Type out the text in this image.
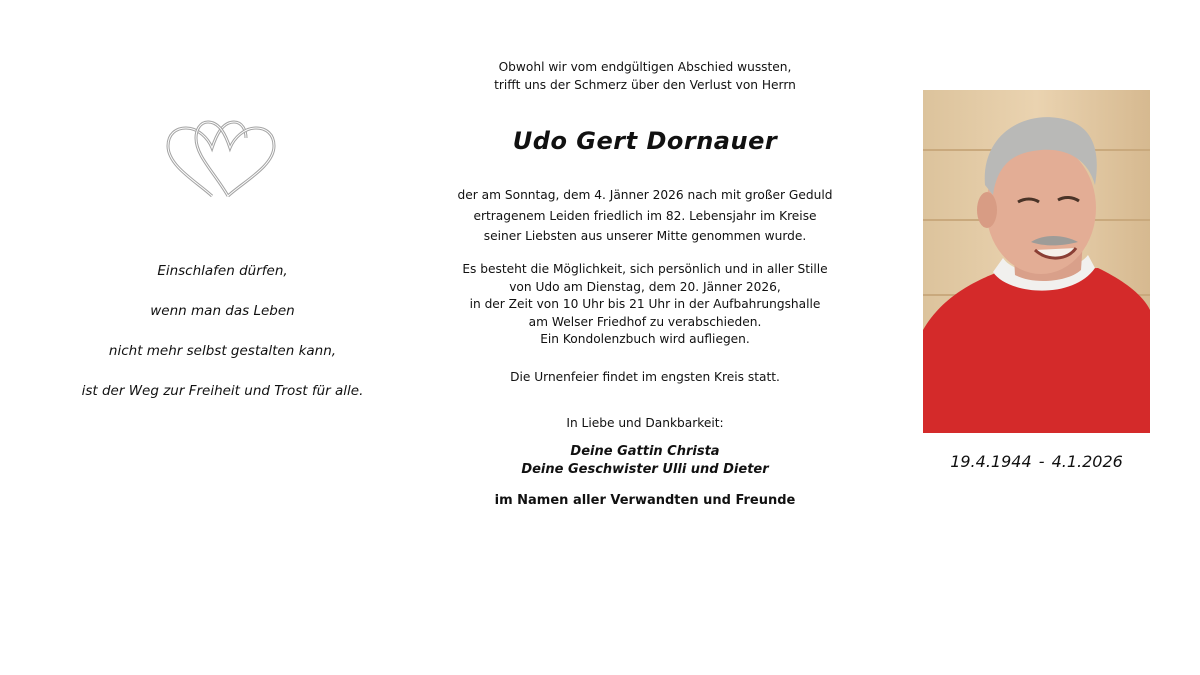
Einschlafen dürfen,
wenn man das Leben
nicht mehr selbst gestalten kann,
ist der Weg zur Freiheit und Trost für alle.
Obwohl wir vom endgültigen Abschied wussten,
trifft uns der Schmerz über den Verlust von Herrn
Udo Gert Dornauer
der am Sonntag, dem 4. Jänner 2026 nach mit großer Geduld
ertragenem Leiden friedlich im 82. Lebensjahr im Kreise
seiner Liebsten aus unserer Mitte genommen wurde.
Es besteht die Möglichkeit, sich persönlich und in aller Stille
von Udo am Dienstag, dem 20. Jänner 2026,
in der Zeit von 10 Uhr bis 21 Uhr in der Aufbahrungshalle
am Welser Friedhof zu verabschieden.
Ein Kondolenzbuch wird aufliegen.
Die Urnenfeier findet im engsten Kreis statt.
In Liebe und Dankbarkeit:
Deine Gattin Christa
Deine Geschwister Ulli und Dieter
im Namen aller Verwandten und Freunde
19.4.1944 - 4.1.2026
